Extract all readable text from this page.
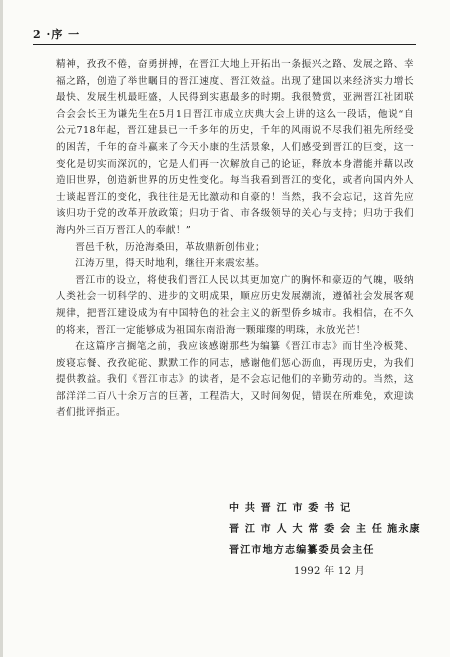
2 ·序 一

精神，孜孜不倦，奋勇拼搏，在晋江大地上开拓出一条振兴之路、发展之路、幸福之路，创造了举世瞩目的晋江速度、晋江效益。出现了建国以来经济实力增长最快、发展生机最旺盛，人民得到实惠最多的时期。我很赞赏，亚洲晋江社团联合会会长王为谦先生在5月1日晋江市成立庆典大会上讲的这么一段话，他说“自公元718年起，晋江建县已一千多年的历史，千年的风雨说不尽我们祖先所经受的困苦，千年的奋斗赢来了今天小康的生活景象，人们感受到晋江的巨变，这一变化是切实而深沉的，它是人们再一次解放自己的论证，释放本身潜能并藉以改造旧世界，创造新世界的历史性变化。每当我看到晋江的变化，或者向国内外人士谈起晋江的变化，我往往是无比激动和自豪的！当然，我不会忘记，这首先应该归功于党的改革开放政策；归功于省、市各级领导的关心与支持；归功于我们海内外三百万晋江人的奉献！”

晋邑千秋，历沧海桑田，革故鼎新创伟业；

江涛万里，得天时地利，继往开来震宏基。

晋江市的设立，将使我们晋江人民以其更加宽广的胸怀和豪迈的气魄，吸纳人类社会一切科学的、进步的文明成果，顺应历史发展潮流，遵循社会发展客观规律，把晋江建设成为有中国特色的社会主义的新型侨乡城市。我相信，在不久的将来，晋江一定能够成为祖国东南沿海一颗璀璨的明珠，永放光芒！

在这篇序言搁笔之前，我应该感谢那些为编纂《晋江市志》而甘坐冷板凳、废寝忘餐、孜孜砣砣、默默工作的同志，感谢他们惩心沥血，再现历史，为我们提供教益。我们《晋江市志》的读者，是不会忘记他们的辛勤劳动的。当然，这部洋洋二百八十余万言的巨著，工程浩大，又时间匆促，错误在所难免，欢迎读者们批评指正。

中 共 晋 江 市 委 书 记
晋 江 市 人 大 常 委 会 主 任 施永康
晋江市地方志编纂委员会主任
1992 年 12 月
